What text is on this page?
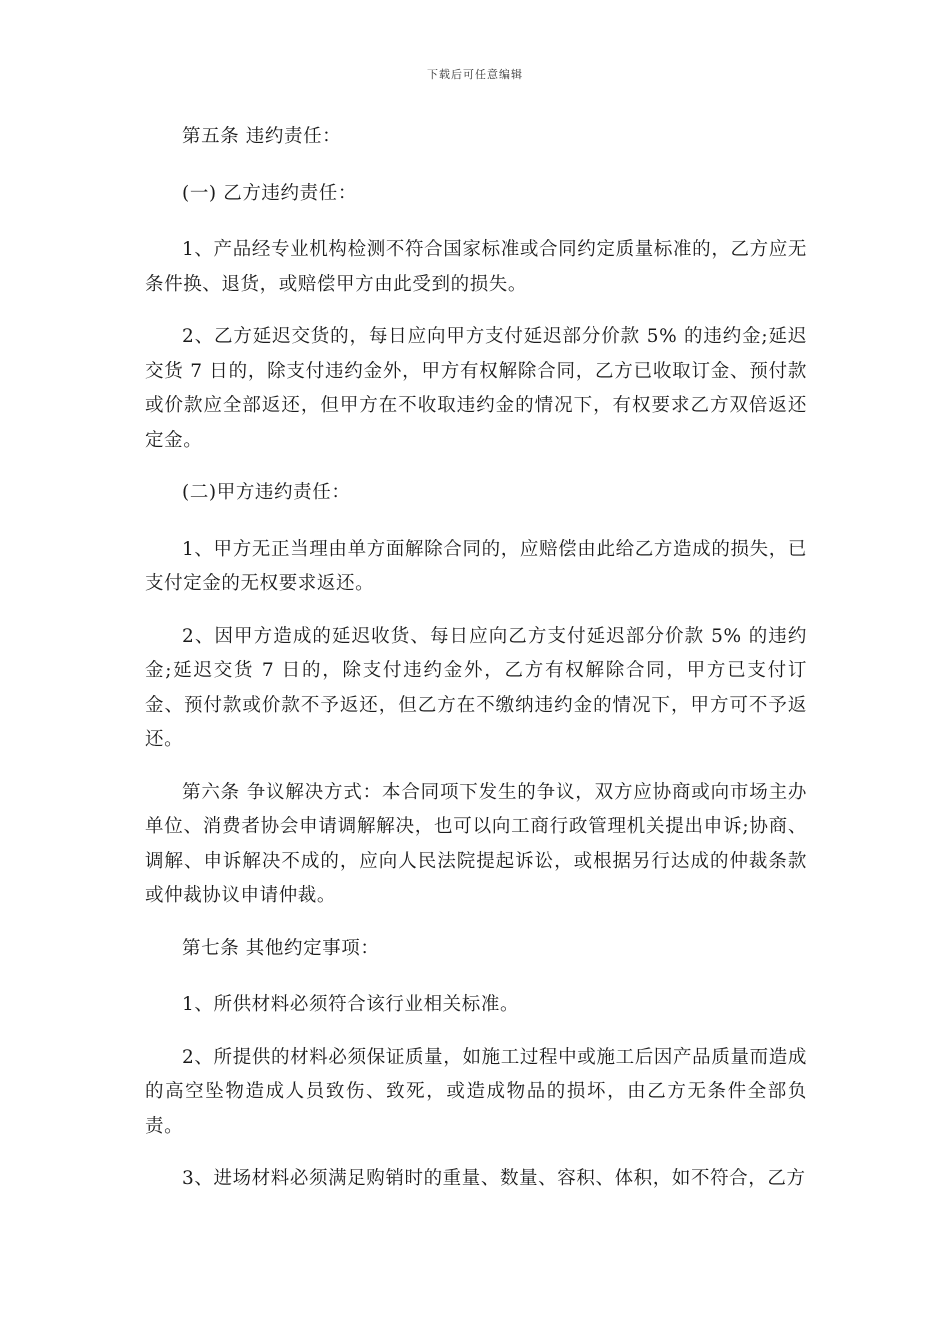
下载后可任意编辑

第五条 违约责任：

(一) 乙方违约责任：

1、产品经专业机构检测不符合国家标准或合同约定质量标准的，乙方应无条件换、退货，或赔偿甲方由此受到的损失。

2、乙方延迟交货的，每日应向甲方支付延迟部分价款 5% 的违约金;延迟交货 7 日的，除支付违约金外，甲方有权解除合同，乙方已收取订金、预付款或价款应全部返还，但甲方在不收取违约金的情况下，有权要求乙方双倍返还定金。

(二)甲方违约责任：

1、甲方无正当理由单方面解除合同的，应赔偿由此给乙方造成的损失，已支付定金的无权要求返还。

2、因甲方造成的延迟收货、每日应向乙方支付延迟部分价款 5% 的违约金;延迟交货 7 日的，除支付违约金外，乙方有权解除合同，甲方已支付订金、预付款或价款不予返还，但乙方在不缴纳违约金的情况下，甲方可不予返还。

第六条 争议解决方式：本合同项下发生的争议，双方应协商或向市场主办单位、消费者协会申请调解解决，也可以向工商行政管理机关提出申诉;协商、调解、申诉解决不成的，应向人民法院提起诉讼，或根据另行达成的仲裁条款或仲裁协议申请仲裁。

第七条 其他约定事项：

1、所供材料必须符合该行业相关标准。

2、所提供的材料必须保证质量，如施工过程中或施工后因产品质量而造成的高空坠物造成人员致伤、致死，或造成物品的损坏，由乙方无条件全部负责。

3、进场材料必须满足购销时的重量、数量、容积、体积，如不符合，乙方
